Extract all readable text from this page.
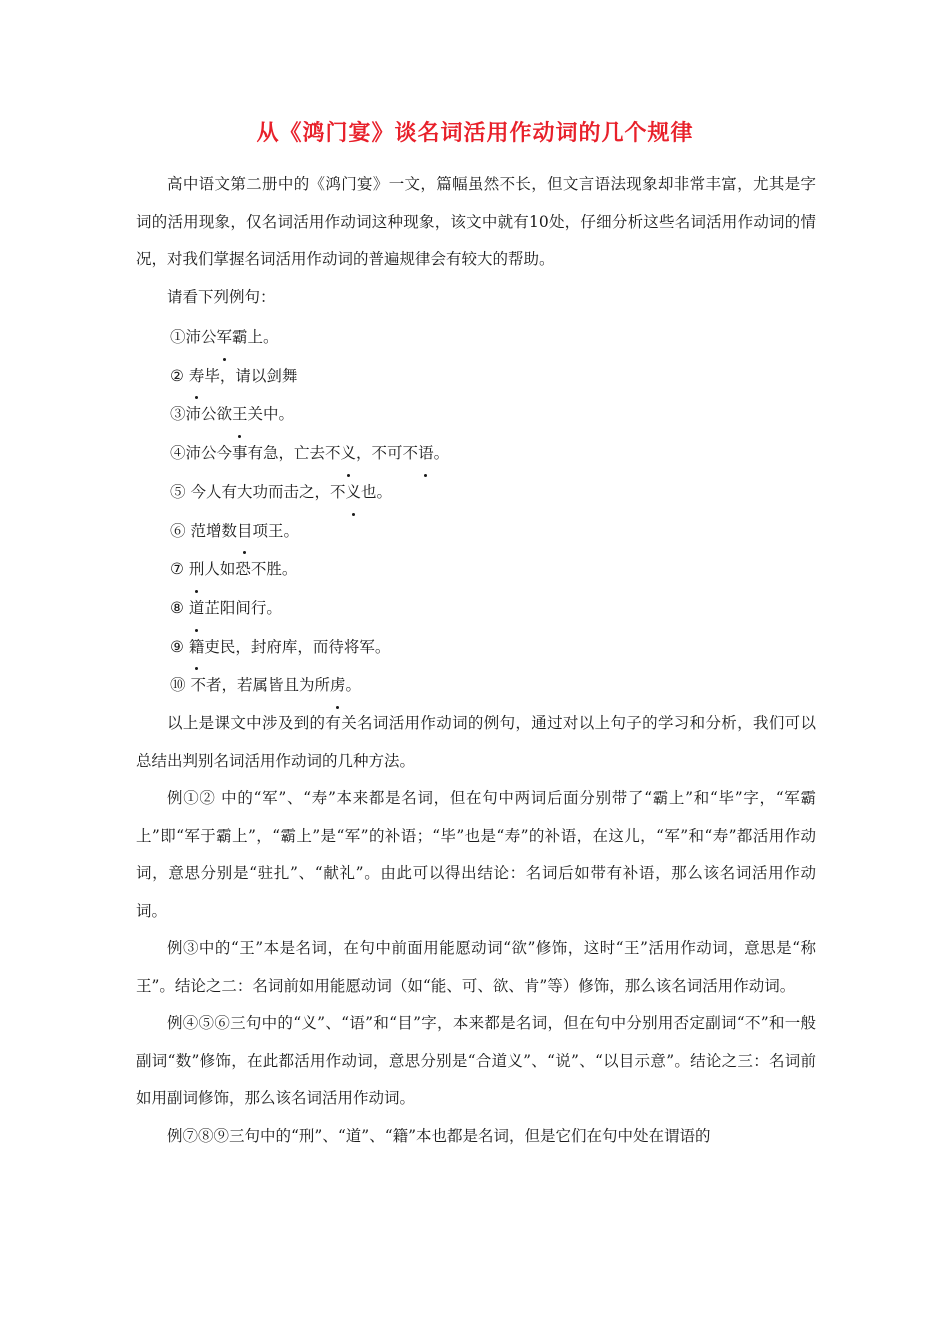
从《鸿门宴》谈名词活用作动词的几个规律

高中语文第二册中的《鸿门宴》一文，篇幅虽然不长，但文言语法现象却非常丰富，尤其是字词的活用现象，仅名词活用作动词这种现象，该文中就有10处，仔细分析这些名词活用作动词的情况，对我们掌握名词活用作动词的普遍规律会有较大的帮助。

请看下列例句：

①沛公军霸上。

② 寿毕，请以剑舞

③沛公欲王关中。

④沛公今事有急，亡去不义，不可不语。

⑤ 今人有大功而击之，不义也。

⑥ 范增数目项王。

⑦ 刑人如恐不胜。

⑧ 道芷阳间行。

⑨ 籍吏民，封府库，而待将军。

⑩ 不者，若属皆且为所虏。

以上是课文中涉及到的有关名词活用作动词的例句，通过对以上句子的学习和分析，我们可以总结出判别名词活用作动词的几种方法。

例①② 中的“军”、“寿”本来都是名词，但在句中两词后面分别带了“霸上”和“毕”字，“军霸上”即“军于霸上”，“霸上”是“军”的补语；“毕”也是“寿”的补语，在这儿，“军”和“寿”都活用作动词，意思分别是“驻扎”、“献礼”。由此可以得出结论：名词后如带有补语，那么该名词活用作动词。

例③中的“王”本是名词，在句中前面用能愿动词“欲”修饰，这时“王”活用作动词，意思是“称王”。结论之二：名词前如用能愿动词（如“能、可、欲、肯”等）修饰，那么该名词活用作动词。

例④⑤⑥三句中的“义”、“语”和“目”字，本来都是名词，但在句中分别用否定副词“不”和一般副词“数”修饰，在此都活用作动词，意思分别是“合道义”、“说”、“以目示意”。结论之三：名词前如用副词修饰，那么该名词活用作动词。

例⑦⑧⑨三句中的“刑”、“道”、“籍”本也都是名词，但是它们在句中处在谓语的
